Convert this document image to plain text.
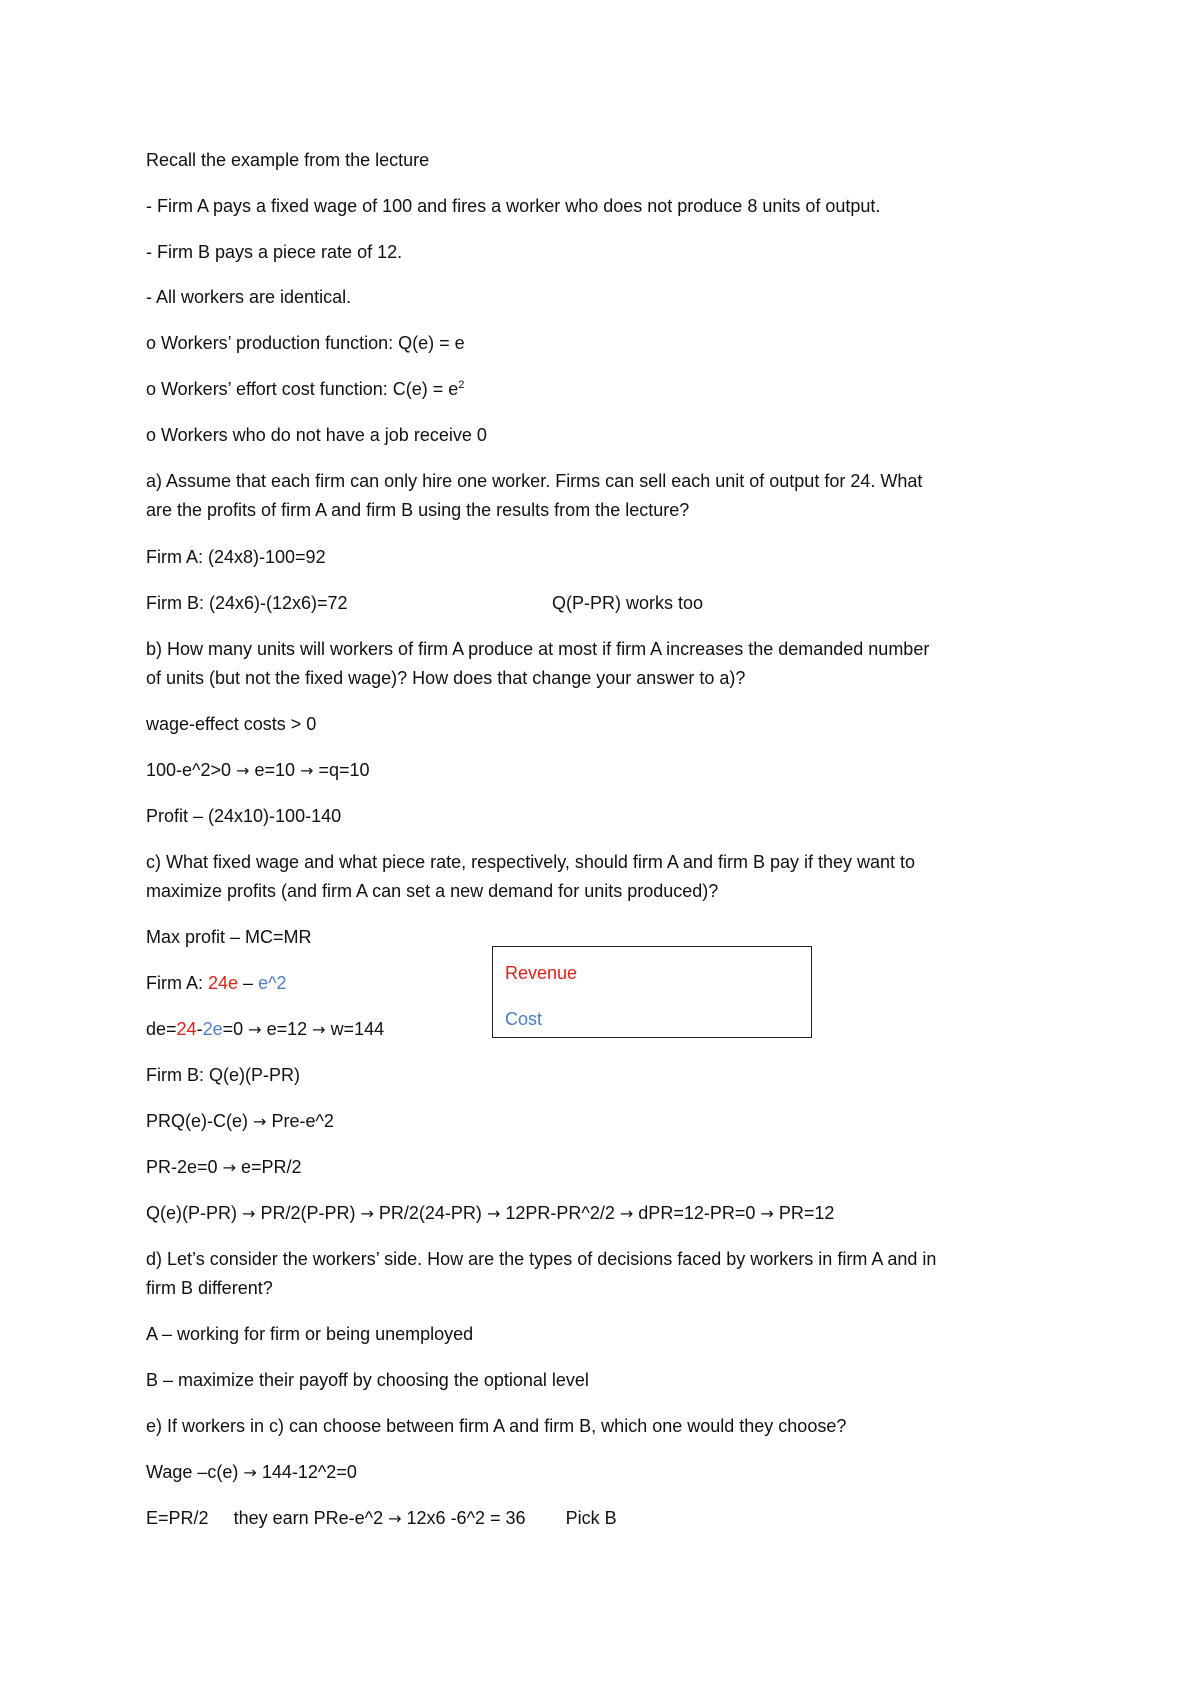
Recall the example from the lecture
- Firm A pays a fixed wage of 100 and fires a worker who does not produce 8 units of output.
- Firm B pays a piece rate of 12.
- All workers are identical.
o Workers’ production function: Q(e) = e
o Workers’ effort cost function: $C(e) = e^2$
o Workers who do not have a job receive 0
a) Assume that each firm can only hire one worker. Firms can sell each unit of output for 24. What
are the profits of firm A and firm B using the results from the lecture?
Firm A: (24x8)-100=92
Firm B: (24x6)-(12x6)=72	Q(P-PR) works too
b) How many units will workers of firm A produce at most if firm A increases the demanded number
of units (but not the fixed wage)? How does that change your answer to a)?
wage-effect costs > 0
100-e^2>0 → e=10 → =q=10
Profit – (24x10)-100-140
c) What fixed wage and what piece rate, respectively, should firm A and firm B pay if they want to
maximize profits (and firm A can set a new demand for units produced)?
Max profit – MC=MR
Firm A: 24e – e^2
de=24-2e=0 → e=12 → w=144
Firm B: Q(e)(P-PR)
PRQ(e)-C(e) → Pre-e^2
PR-2e=0 → e=PR/2
Q(e)(P-PR) → PR/2(P-PR) → PR/2(24-PR) → 12PR-PR^2/2 → dPR=12-PR=0 → PR=12
d) Let’s consider the workers’ side. How are the types of decisions faced by workers in firm A and in
firm B different?
A – working for firm or being unemployed
B – maximize their payoff by choosing the optional level
e) If workers in c) can choose between firm A and firm B, which one would they choose?
Wage –c(e) → 144-12^2=0
E=PR/2 they earn PRe-e^2 → 12x6 -6^2 = 36 Pick B
Revenue
Cost
